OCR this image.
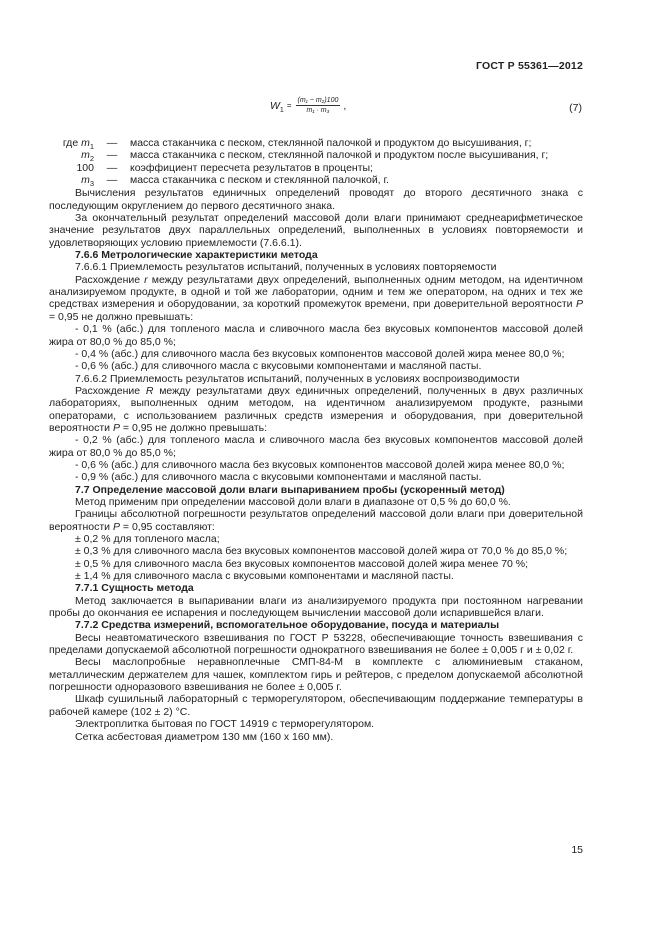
ГОСТ Р 55361—2012
$W_1$
= $\frac{\text{(m₁ − m₂)100}}{\text{m₁ · m₃}}$ ,	(7)
где $m_1$	—	масса стаканчика с песком, стеклянной палочкой и продуктом до высушивания, г;
$m_2$	—	масса стаканчика с песком, стеклянной палочкой и продуктом после высушивания, г;
100	—	коэффициент пересчета результатов в проценты;
$m_3$	—	масса стаканчика с песком и стеклянной палочкой, г.

Вычисления результатов единичных определений проводят до второго десятичного знака с последующим округлением до первого десятичного знака.

За окончательный результат определений массовой доли влаги принимают среднеарифметическое значение результатов двух параллельных определений, выполненных в условиях повторяемости и удовлетворяющих условию приемлемости (7.6.6.1).

7.6.6 Метрологические характеристики метода

7.6.6.1 Приемлемость результатов испытаний, полученных в условиях повторяемости

Расхождение r между результатами двух определений, выполненных одним методом, на идентичном анализируемом продукте, в одной и той же лаборатории, одним и тем же оператором, на одних и тех же средствах измерения и оборудовании, за короткий промежуток времени, при доверительной вероятности P = 0,95 не должно превышать:

- 0,1 % (абс.) для топленого масла и сливочного масла без вкусовых компонентов массовой долей жира от 80,0 % до 85,0 %;

- 0,4 % (абс.) для сливочного масла без вкусовых компонентов массовой долей жира менее 80,0 %;

- 0,6 % (абс.) для сливочного масла с вкусовыми компонентами и масляной пасты.

7.6.6.2 Приемлемость результатов испытаний, полученных в условиях воспроизводимости

Расхождение R между результатами двух единичных определений, полученных в двух различных лабораториях, выполненных одним методом, на идентичном анализируемом продукте, разными операторами, с использованием различных средств измерения и оборудования, при доверительной вероятности P = 0,95 не должно превышать:

- 0,2 % (абс.) для топленого масла и сливочного масла без вкусовых компонентов массовой долей жира от 80,0 % до 85,0 %;

- 0,6 % (абс.) для сливочного масла без вкусовых компонентов массовой долей жира менее 80,0 %;

- 0,9 % (абс.) для сливочного масла с вкусовыми компонентами и масляной пасты.

7.7 Определение массовой доли влаги выпариванием пробы (ускоренный метод)

Метод применим при определении массовой доли влаги в диапазоне от 0,5 % до 60,0 %.

Границы абсолютной погрешности результатов определений массовой доли влаги при доверительной вероятности P = 0,95 составляют:

± 0,2 % для топленого масла;

± 0,3 % для сливочного масла без вкусовых компонентов массовой долей жира от 70,0 % до 85,0 %;

± 0,5 % для сливочного масла без вкусовых компонентов массовой долей жира менее 70 %;

± 1,4 % для сливочного масла с вкусовыми компонентами и масляной пасты.

7.7.1 Сущность метода

Метод заключается в выпаривании влаги из анализируемого продукта при постоянном нагревании пробы до окончания ее испарения и последующем вычислении массовой доли испарившейся влаги.

7.7.2 Средства измерений, вспомогательное оборудование, посуда и материалы

Весы неавтоматического взвешивания по ГОСТ Р 53228, обеспечивающие точность взвешивания с пределами допускаемой абсолютной погрешности однократного взвешивания не более ± 0,005 г и ± 0,02 г.

Весы маслопробные неравноплечные СМП-84-М в комплекте с алюминиевым стаканом, металлическим держателем для чашек, комплектом гирь и рейтеров, с пределом допускаемой абсолютной погрешности одноразового взвешивания не более ± 0,005 г.

Шкаф сушильный лабораторный с терморегулятором, обеспечивающим поддержание температуры в рабочей камере (102 ± 2) °С.

Электроплитка бытовая по ГОСТ 14919 с терморегулятором.

Сетка асбестовая диаметром 130 мм (160 х 160 мм).

15
